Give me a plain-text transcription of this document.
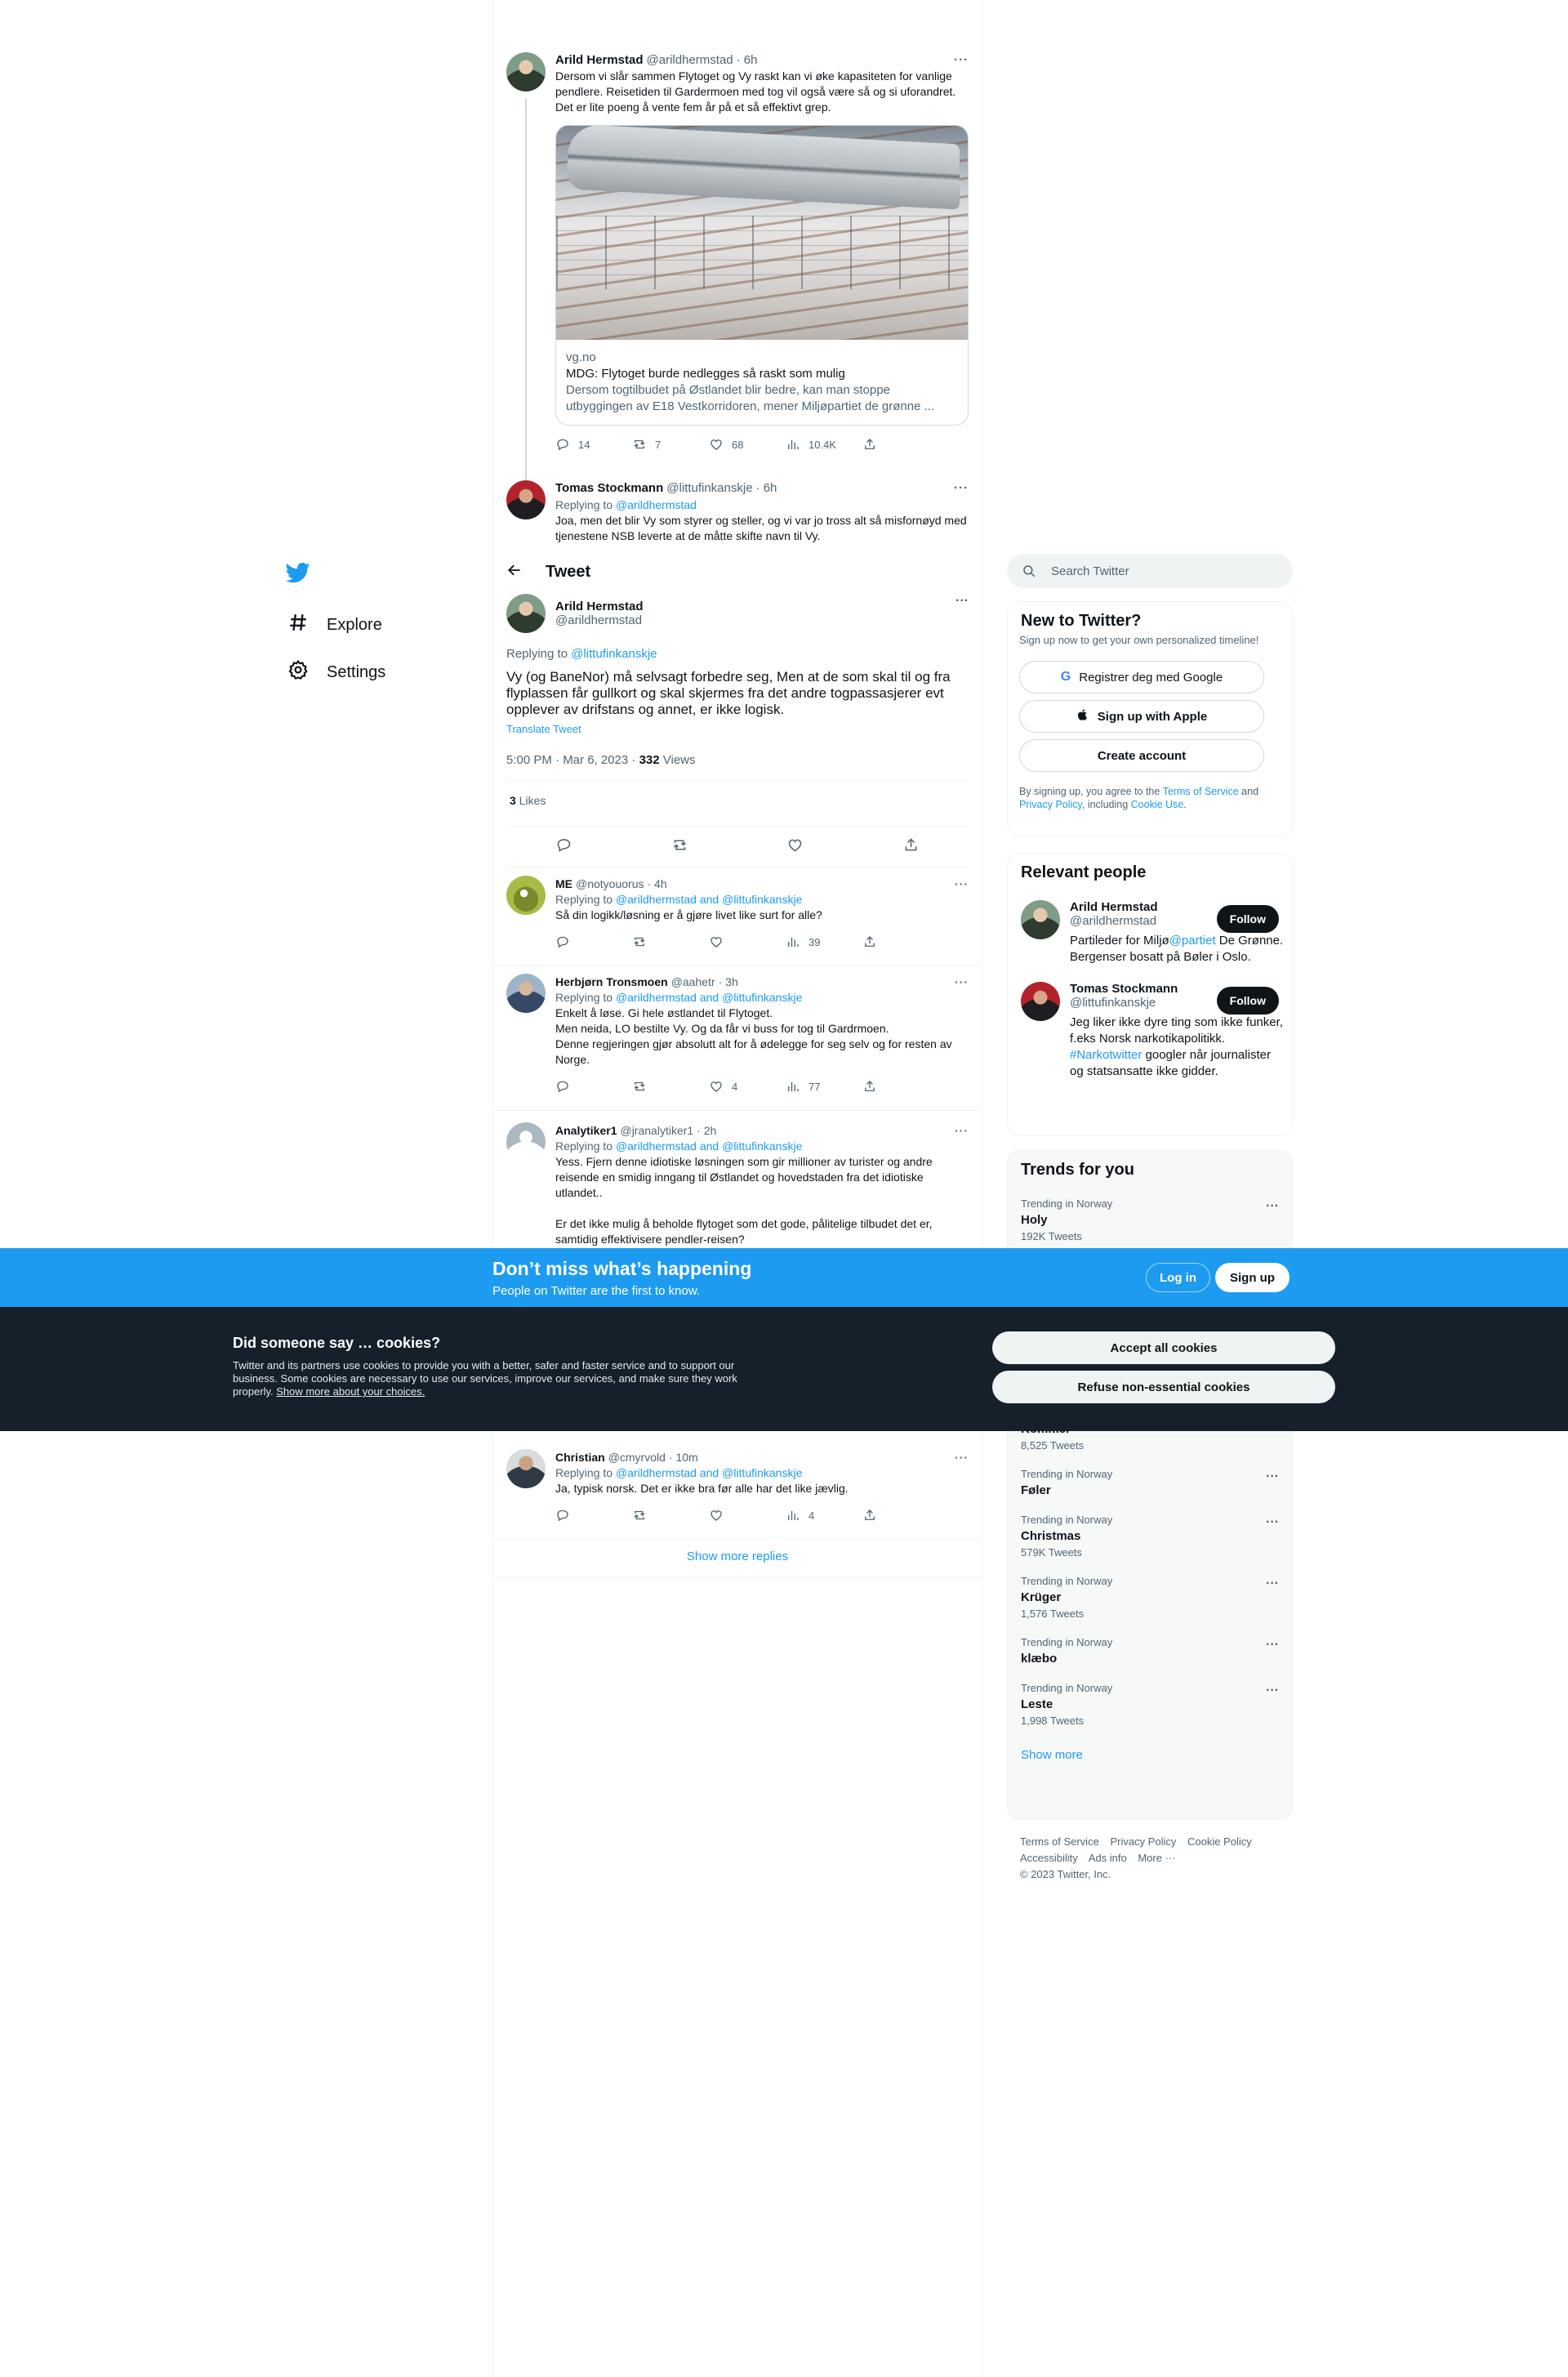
Explore
Settings
Arild Hermstad @arildhermstad · 6h	···
Dersom vi slår sammen Flytoget og Vy raskt kan vi øke kapasiteten for vanlige pendlere. Reisetiden til Gardermoen med tog vil også være så og si uforandret. Det er lite poeng å vente fem år på et så effektivt grep.
vg.no
MDG: Flytoget burde nedlegges så raskt som mulig
Dersom togtilbudet på Østlandet blir bedre, kan man stoppe utbyggingen av E18 Vestkorridoren, mener Miljøpartiet de grønne ...
14	7	68	10.4K
Tomas Stockmann @littufinkanskje · 6h	···
Replying to @arildhermstad
Joa, men det blir Vy som styrer og steller, og vi var jo tross alt så misfornøyd med tjenestene NSB leverte at de måtte skifte navn til Vy.
Tweet
Arild Hermstad
@arildhermstad
···
Replying to @littufinkanskje
Vy (og BaneNor) må selvsagt forbedre seg, Men at de som skal til og fra flyplassen får gullkort og skal skjermes fra det andre togpassasjerer evt opplever av drifstans og annet, er ikke logisk.
Translate Tweet
5:00 PM · Mar 6, 2023 · 332 Views
3 Likes
ME @notyouorus · 4h	···
Replying to @arildhermstad and @littufinkanskje
Så din logikk/løsning er å gjøre livet like surt for alle?
39
Herbjørn Tronsmoen @aahetr · 3h	···
Replying to @arildhermstad and @littufinkanskje
Enkelt å løse. Gi hele østlandet til Flytoget.
Men neida, LO bestilte Vy. Og da får vi buss for tog til Gardrmoen.
Denne regjeringen gjør absolutt alt for å ødelegge for seg selv og for resten av Norge.
4	77
Analytiker1 @jranalytiker1 · 2h	···
Replying to @arildhermstad and @littufinkanskje
Yess. Fjern denne idiotiske løsningen som gir millioner av turister og andre reisende en smidig inngang til Østlandet og hovedstaden fra det idiotiske utlandet..

Er det ikke mulig å beholde flytoget som det gode, pålitelige tilbudet det er, samtidig effektivisere pendler-reisen?
Christian @cmyrvold · 10m	···
Replying to @arildhermstad and @littufinkanskje
Ja, typisk norsk. Det er ikke bra før alle har det like jævlig.
4
Show more replies
Search Twitter
New to Twitter?
Sign up now to get your own personalized timeline!
G Registrer deg med Google
Sign up with Apple
Create account
By signing up, you agree to the Terms of Service and Privacy Policy, including Cookie Use.
Relevant people
Arild Hermstad
@arildhermstad
Partileder for Miljø@partiet De Grønne. Bergenser bosatt på Bøler i Oslo.
Follow
Tomas Stockmann
@littufinkanskje
Jeg liker ikke dyre ting som ikke funker, f.eks Norsk narkotikapolitikk. #Narkotwitter googler når journalister og statsansatte ikke gidder.
Follow
Trends for you
Trending in Norway
Holy
192K Tweets
···
8,525 Tweets
Trending in Norway
Føler
···
Trending in Norway
Christmas
579K Tweets
···
Trending in Norway
Krüger
1,576 Tweets
···
Trending in Norway
klæbo
···
Trending in Norway
Leste
1,998 Tweets
···
Show more
Terms of Service Privacy Policy Cookie Policy
Accessibility Ads info More ···
© 2023 Twitter, Inc.
Don’t miss what’s happening
People on Twitter are the first to know.
Log in	Sign up
Did someone say … cookies?
Twitter and its partners use cookies to provide you with a better, safer and faster service and to support our business. Some cookies are necessary to use our services, improve our services, and make sure they work properly. Show more about your choices.
Accept all cookies
Refuse non-essential cookies
